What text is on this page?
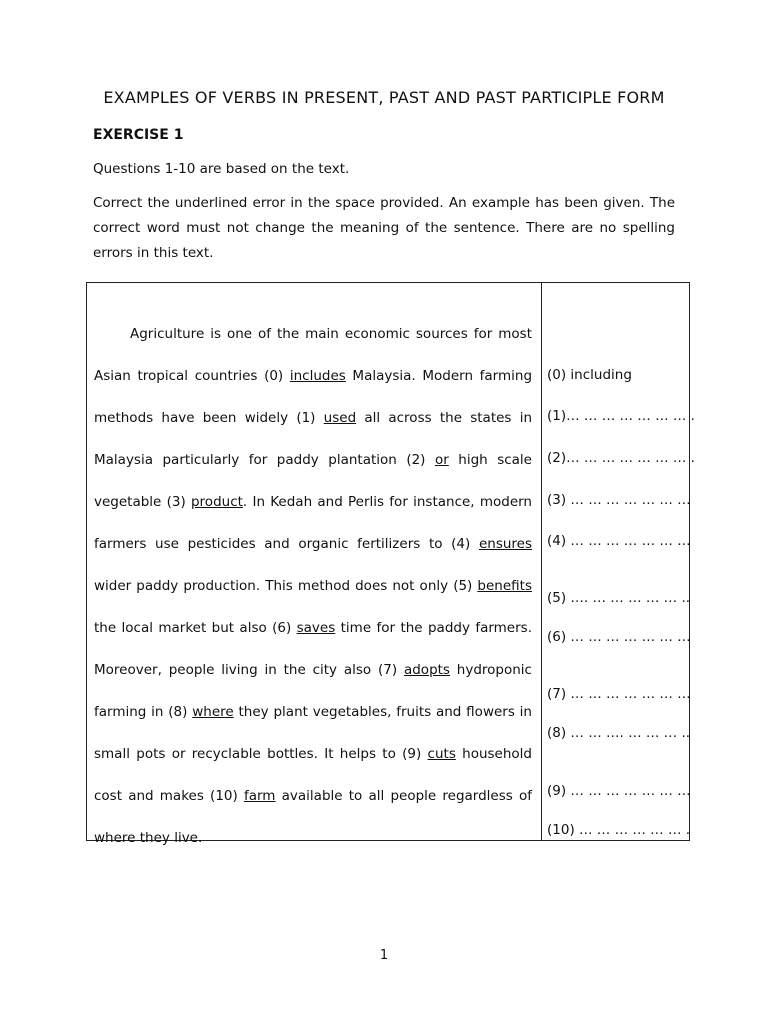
EXAMPLES OF VERBS IN PRESENT, PAST AND PAST PARTICIPLE FORM
EXERCISE 1
Questions 1-10 are based on the text.
Correct the underlined error in the space provided. An example has been given. The correct word must not change the meaning of the sentence. There are no spelling errors in this text.
Agriculture is one of the main economic sources for most Asian tropical countries (0) includes Malaysia. Modern farming methods have been widely (1) used all across the states in Malaysia particularly for paddy plantation (2) or high scale vegetable (3) product. In Kedah and Perlis for instance, modern farmers use pesticides and organic fertilizers to (4) ensures wider paddy production. This method does not only (5) benefits the local market but also (6) saves time for the paddy farmers. Moreover, people living in the city also (7) adopts hydroponic farming in (8) where they plant vegetables, fruits and flowers in small pots or recyclable bottles. It helps to (9) cuts household cost and makes (10) farm available to all people regardless of where they live.
(0) including
(1)… … … … … … … .
(2)… … … … … … … .
(3) … … … … … … …
(4) … … … … … … …
(5) …. … … … … … ..
(6) … … … … … … …
(7) … … … … … … …
(8) … … …. … … … ..
(9) … … … … … … …
(10) … … … … … … .
1
